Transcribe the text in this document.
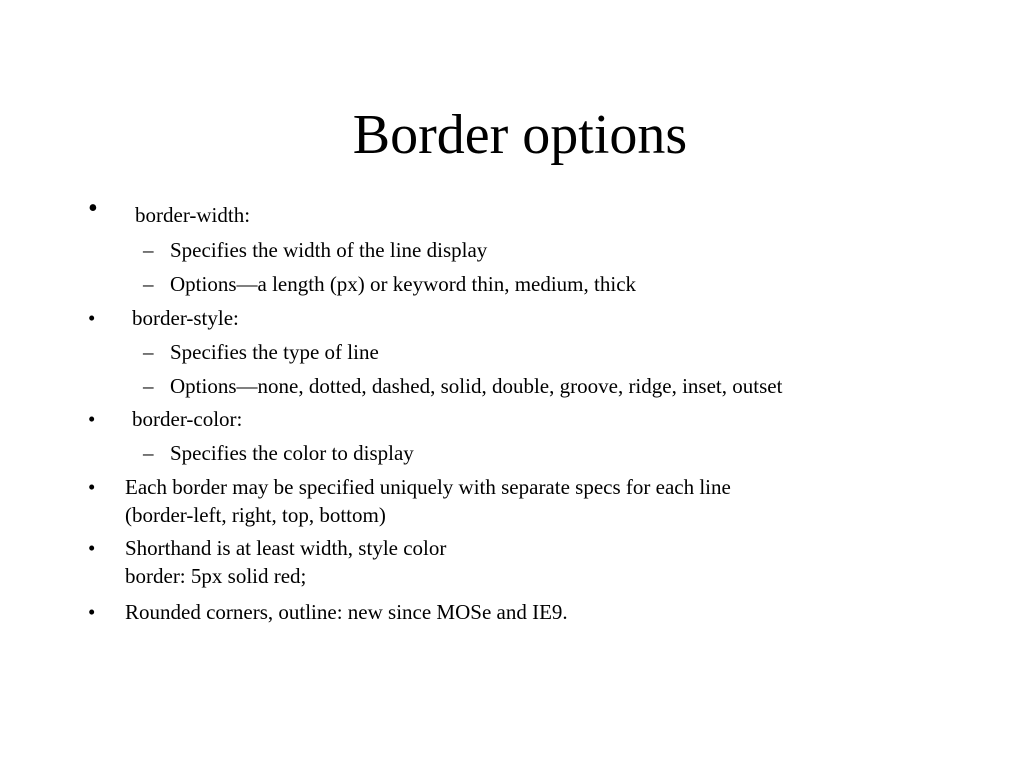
Border options
• border-width:
– Specifies the width of the line display
– Options—a length (px) or keyword thin, medium, thick
• border-style:
– Specifies the type of line
– Options—none, dotted, dashed, solid, double, groove, ridge, inset, outset
• border-color:
– Specifies the color to display
• Each border may be specified uniquely with separate specs for each line
(border-left, right, top, bottom)
• Shorthand is at least width, style color
border: 5px solid red;
• Rounded corners, outline: new since MOSe and IE9.
